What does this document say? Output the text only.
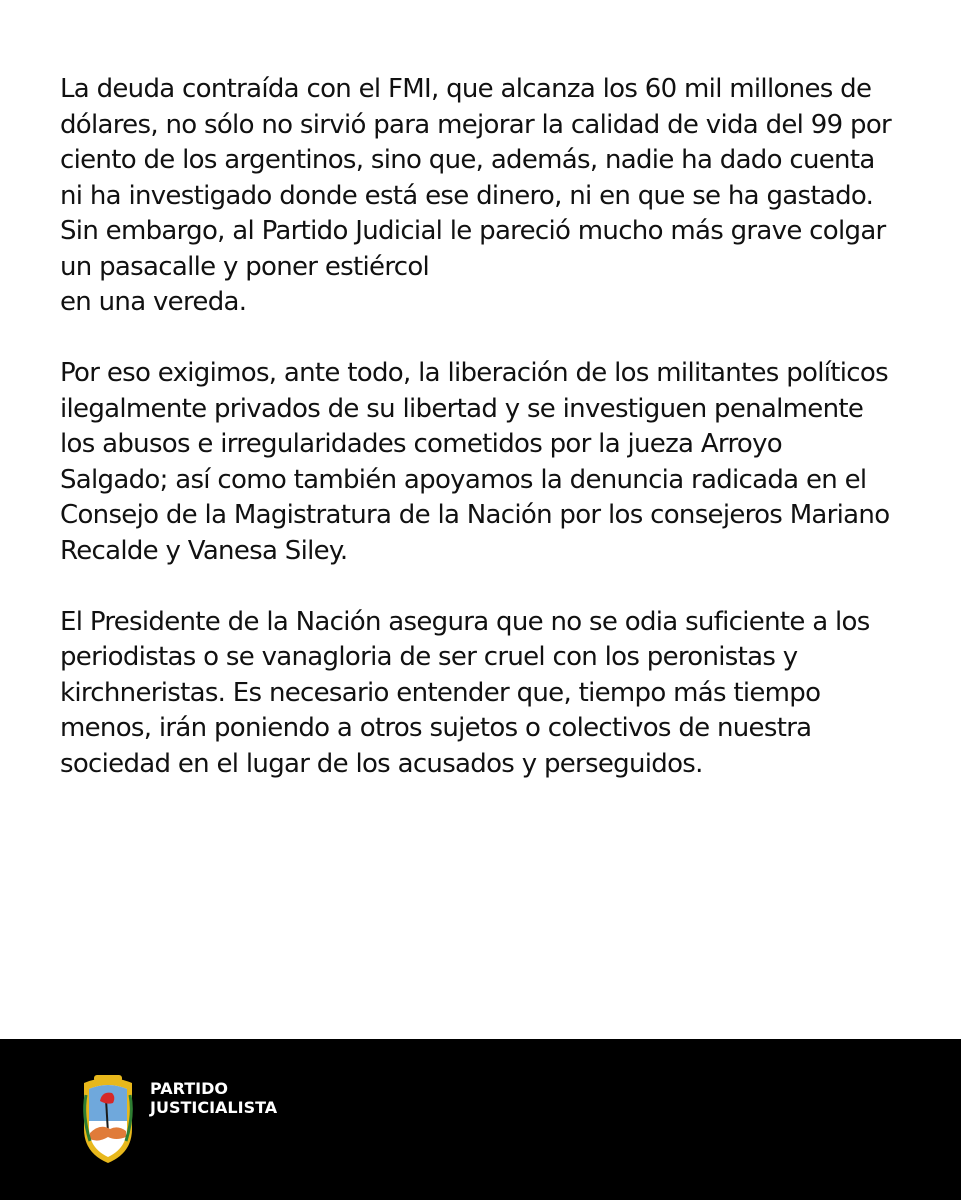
La deuda contraída con el FMI, que alcanza los 60 mil millones de
dólares, no sólo no sirvió para mejorar la calidad de vida del 99 por
ciento de los argentinos, sino que, además, nadie ha dado cuenta
ni ha investigado donde está ese dinero, ni en que se ha gastado.
Sin embargo, al Partido Judicial le pareció mucho más grave colgar
un pasacalle y poner estiércol
en una vereda.

Por eso exigimos, ante todo, la liberación de los militantes políticos
ilegalmente privados de su libertad y se investiguen penalmente
los abusos e irregularidades cometidos por la jueza Arroyo
Salgado; así como también apoyamos la denuncia radicada en el
Consejo de la Magistratura de la Nación por los consejeros Mariano
Recalde y Vanesa Siley.

El Presidente de la Nación asegura que no se odia suficiente a los
periodistas o se vanagloria de ser cruel con los peronistas y
kirchneristas. Es necesario entender que, tiempo más tiempo
menos, irán poniendo a otros sujetos o colectivos de nuestra
sociedad en el lugar de los acusados y perseguidos.

PARTIDO
JUSTICIALISTA
